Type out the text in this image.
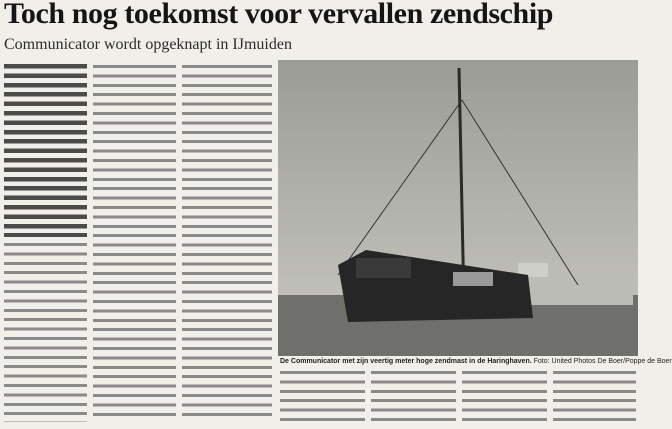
Toch nog toekomst voor vervallen zendschip
Communicator wordt opgeknapt in IJmuiden
De Communicator met zijn veertig meter hoge zendmast in de Haringhaven. Foto: United Photos De Boer/Poppe de Boer
